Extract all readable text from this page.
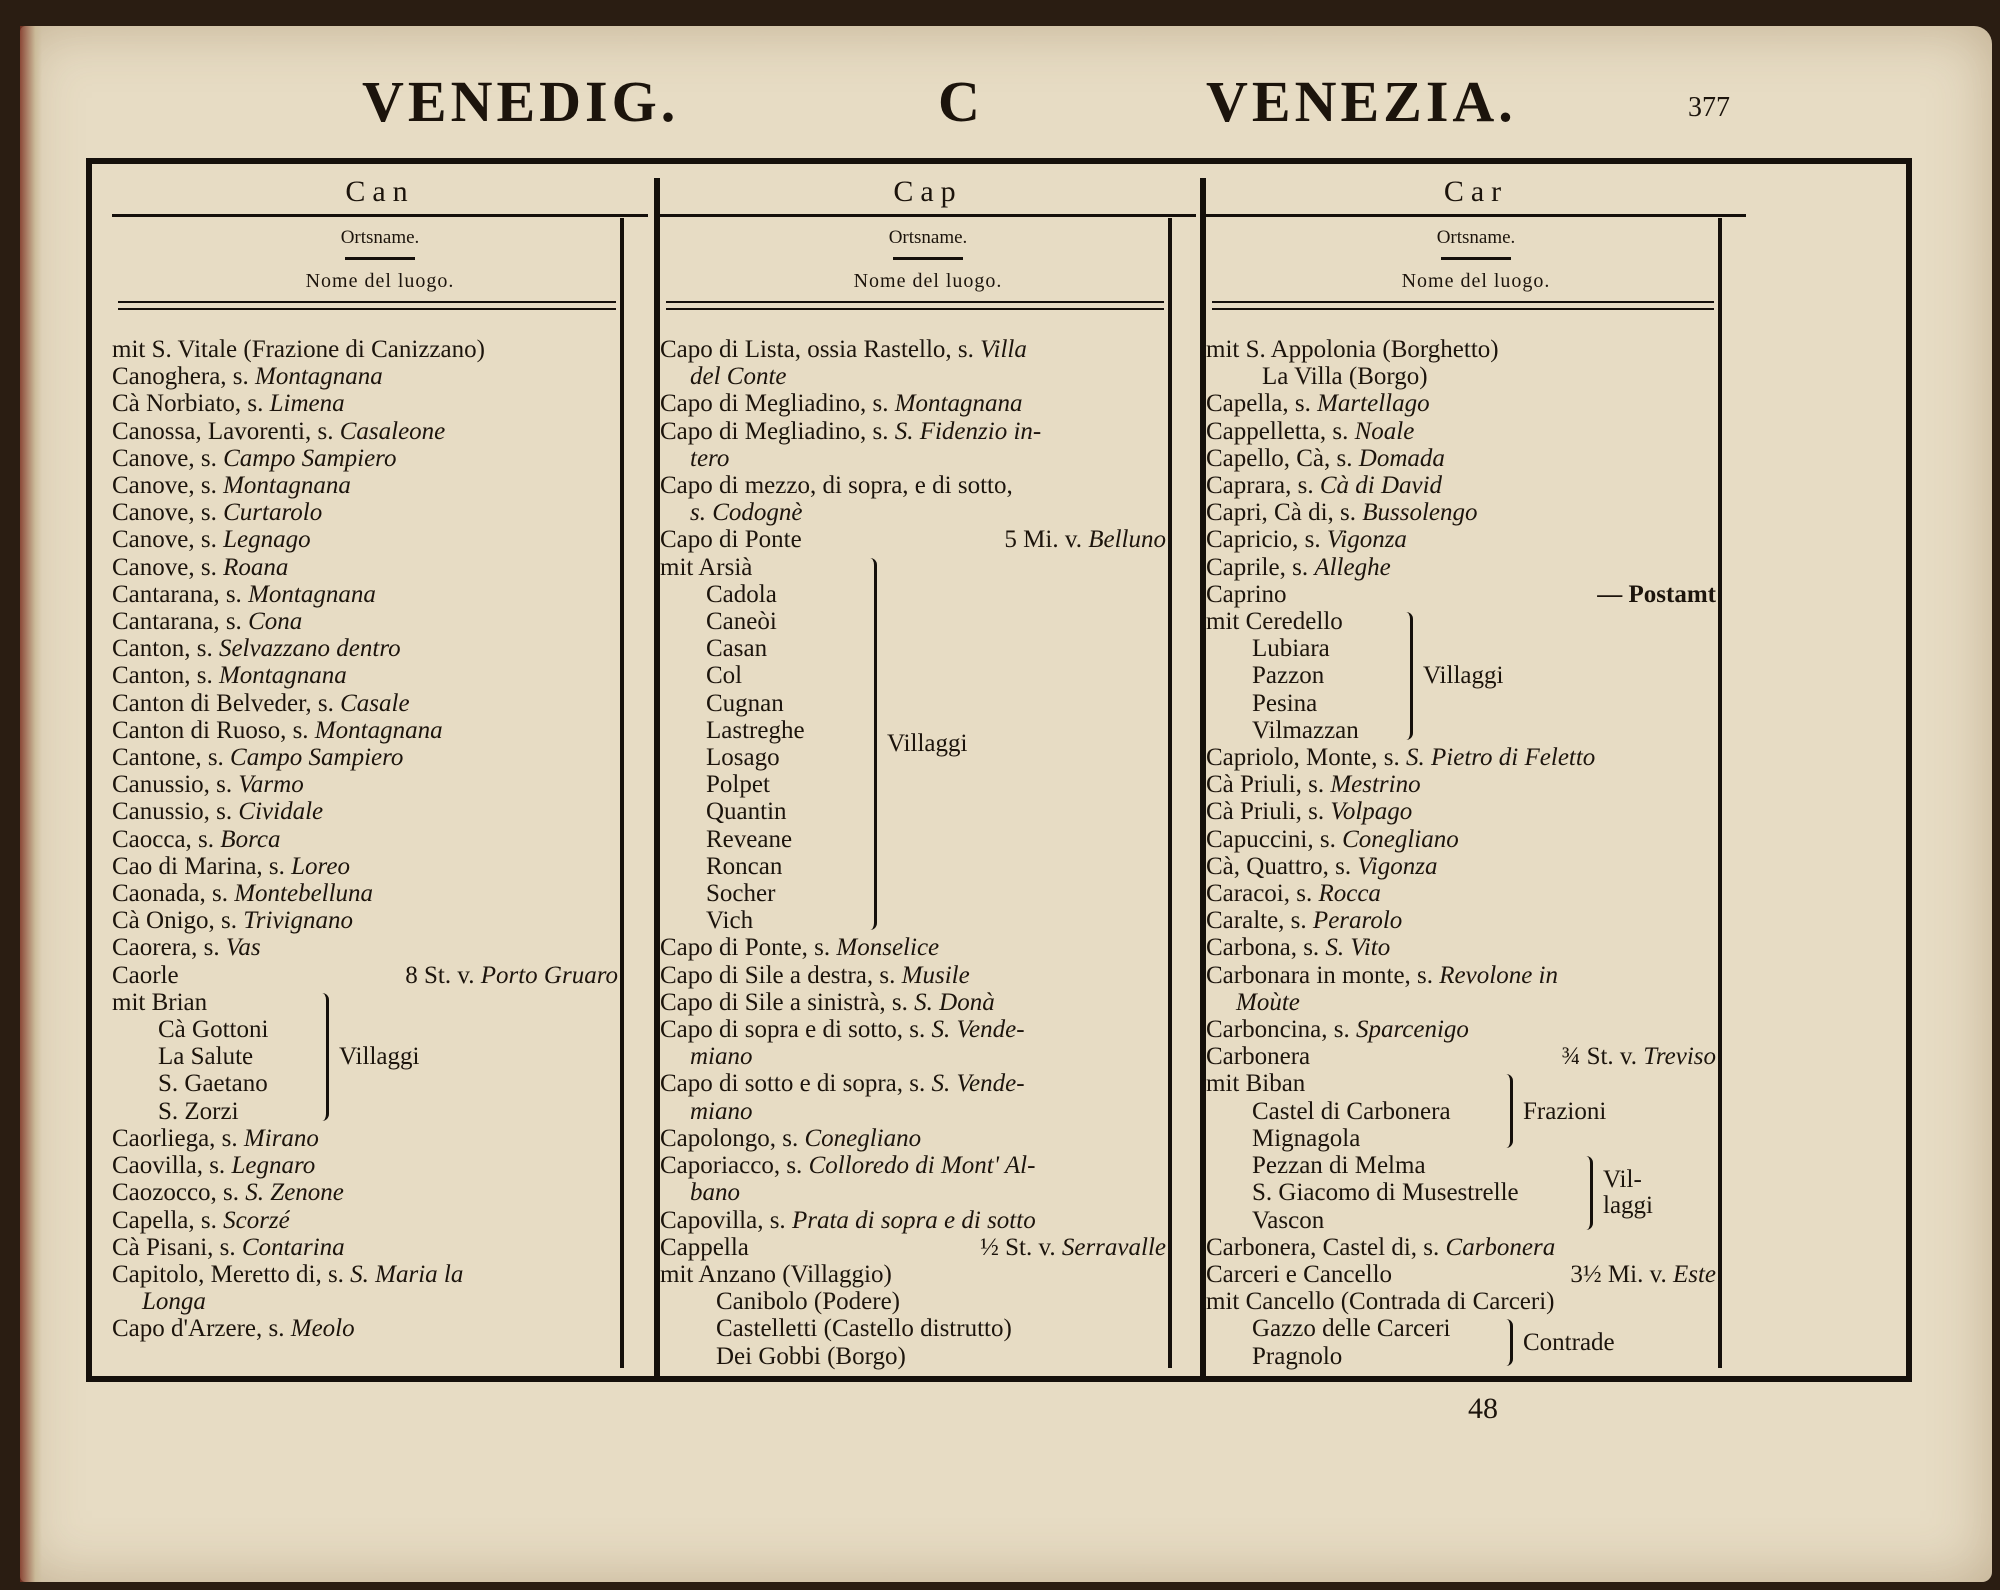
VENEDIG.	C	VENEZIA.	377
Can
Ortsname.
Nome del luogo.
mit S. Vitale (Frazione di Canizzano)
Canoghera, s. Montagnana
Cà Norbiato, s. Limena
Canossa, Lavorenti, s. Casaleone
Canove, s. Campo Sampiero
Canove, s. Montagnana
Canove, s. Curtarolo
Canove, s. Legnago
Canove, s. Roana
Cantarana, s. Montagnana
Cantarana, s. Cona
Canton, s. Selvazzano dentro
Canton, s. Montagnana
Canton di Belveder, s. Casale
Canton di Ruoso, s. Montagnana
Cantone, s. Campo Sampiero
Canussio, s. Varmo
Canussio, s. Cividale
Caocca, s. Borca
Cao di Marina, s. Loreo
Caonada, s. Montebelluna
Cà Onigo, s. Trivignano
Caorera, s. Vas
Caorle	8 St. v. Porto Gruaro
mit Brian
Cà Gottoni
La Salute
S. Gaetano
S. Zorzi
Villaggi
Caorliega, s. Mirano
Caovilla, s. Legnaro
Caozocco, s. S. Zenone
Capella, s. Scorzé
Cà Pisani, s. Contarina
Capitolo, Meretto di, s. S. Maria la
Longa
Capo d'Arzere, s. Meolo
Cap
Ortsname.
Nome del luogo.
Capo di Lista, ossia Rastello, s. Villa
del Conte
Capo di Megliadino, s. Montagnana
Capo di Megliadino, s. S. Fidenzio in-
tero
Capo di mezzo, di sopra, e di sotto,
s. Codognè
Capo di Ponte	5 Mi. v. Belluno
mit Arsià
Cadola
Caneòi
Casan
Col
Cugnan
Lastreghe
Losago
Polpet
Quantin
Reveane
Roncan
Socher
Vich
Villaggi
Capo di Ponte, s. Monselice
Capo di Sile a destra, s. Musile
Capo di Sile a sinistrà, s. S. Donà
Capo di sopra e di sotto, s. S. Vende-
miano
Capo di sotto e di sopra, s. S. Vende-
miano
Capolongo, s. Conegliano
Caporiacco, s. Colloredo di Mont' Al-
bano
Capovilla, s. Prata di sopra e di sotto
Cappella	½ St. v. Serravalle
mit Anzano (Villaggio)
Canibolo (Podere)
Castelletti (Castello distrutto)
Dei Gobbi (Borgo)
Car
Ortsname.
Nome del luogo.
mit S. Appolonia (Borghetto)
La Villa (Borgo)
Capella, s. Martellago
Cappelletta, s. Noale
Capello, Cà, s. Domada
Caprara, s. Cà di David
Capri, Cà di, s. Bussolengo
Capricio, s. Vigonza
Caprile, s. Alleghe
Caprino	— Postamt
mit Ceredello
Lubiara
Pazzon
Pesina
Vilmazzan
Villaggi
Capriolo, Monte, s. S. Pietro di Feletto
Cà Priuli, s. Mestrino
Cà Priuli, s. Volpago
Capuccini, s. Conegliano
Cà, Quattro, s. Vigonza
Caracoi, s. Rocca
Caralte, s. Perarolo
Carbona, s. S. Vito
Carbonara in monte, s. Revolone in
Moùte
Carboncina, s. Sparcenigo
Carbonera	¾ St. v. Treviso
mit Biban
Castel di Carbonera
Mignagola
Frazioni
Pezzan di Melma
S. Giacomo di Musestrelle
Vascon
Vil-laggi
Carbonera, Castel di, s. Carbonera
Carceri e Cancello	3½ Mi. v. Este
mit Cancello (Contrada di Carceri)
Gazzo delle Carceri
Pragnolo
Contrade
48
